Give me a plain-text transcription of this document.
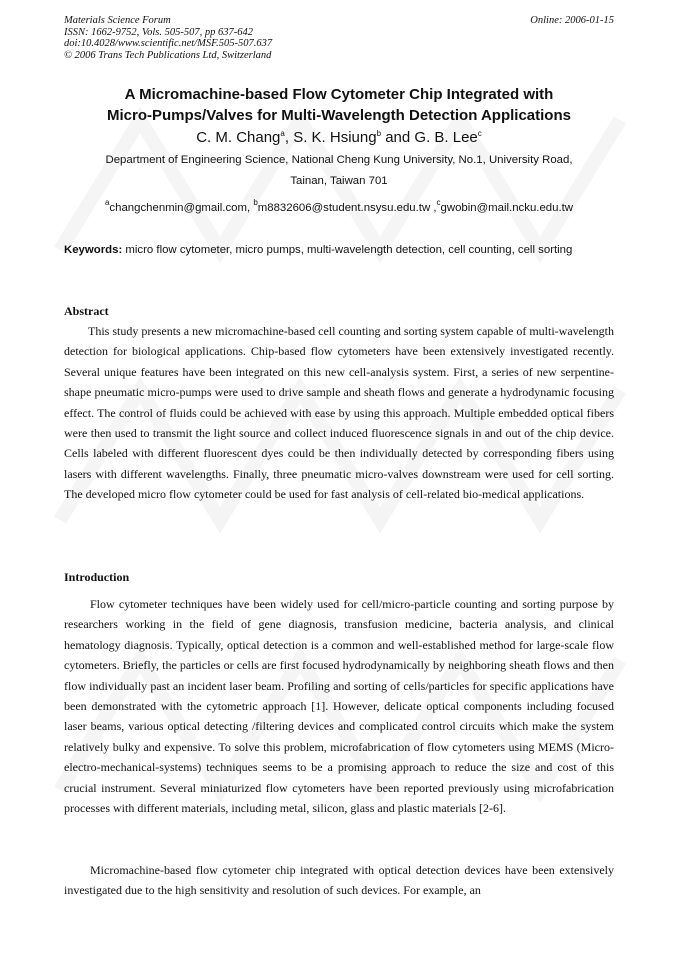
Materials Science Forum
ISSN: 1662-9752, Vols. 505-507, pp 637-642
doi:10.4028/www.scientific.net/MSF.505-507.637
© 2006 Trans Tech Publications Ltd, Switzerland
Online: 2006-01-15
A Micromachine-based Flow Cytometer Chip Integrated with
Micro-Pumps/Valves for Multi-Wavelength Detection Applications
C. M. Chang$^a$, S. K. Hsiung$^b$ and G. B. Lee$^c$
Department of Engineering Science, National Cheng Kung University, No.1, University Road,
Tainan, Taiwan 701
$^a$changchenmin@gmail.com, $^b$m8832606@student.nsysu.edu.tw ,$^c$gwobin@mail.ncku.edu.tw
Keywords: micro flow cytometer, micro pumps, multi-wavelength detection, cell counting, cell sorting
Abstract

This study presents a new micromachine-based cell counting and sorting system capable of multi-wavelength detection for biological applications. Chip-based flow cytometers have been extensively investigated recently. Several unique features have been integrated on this new cell-analysis system. First, a series of new serpentine-shape pneumatic micro-pumps were used to drive sample and sheath flows and generate a hydrodynamic focusing effect. The control of fluids could be achieved with ease by using this approach. Multiple embedded optical fibers were then used to transmit the light source and collect induced fluorescence signals in and out of the chip device. Cells labeled with different fluorescent dyes could be then individually detected by corresponding fibers using lasers with different wavelengths. Finally, three pneumatic micro-valves downstream were used for cell sorting. The developed micro flow cytometer could be used for fast analysis of cell-related bio-medical applications.

Introduction

Flow cytometer techniques have been widely used for cell/micro-particle counting and sorting purpose by researchers working in the field of gene diagnosis, transfusion medicine, bacteria analysis, and clinical hematology diagnosis. Typically, optical detection is a common and well-established method for large-scale flow cytometers. Briefly, the particles or cells are first focused hydrodynamically by neighboring sheath flows and then flow individually past an incident laser beam. Profiling and sorting of cells/particles for specific applications have been demonstrated with the cytometric approach [1]. However, delicate optical components including focused laser beams, various optical detecting /filtering devices and complicated control circuits which make the system relatively bulky and expensive. To solve this problem, microfabrication of flow cytometers using MEMS (Micro-electro-mechanical-systems) techniques seems to be a promising approach to reduce the size and cost of this crucial instrument. Several miniaturized flow cytometers have been reported previously using microfabrication processes with different materials, including metal, silicon, glass and plastic materials [2-6].

Micromachine-based flow cytometer chip integrated with optical detection devices have been extensively investigated due to the high sensitivity and resolution of such devices. For example, an
